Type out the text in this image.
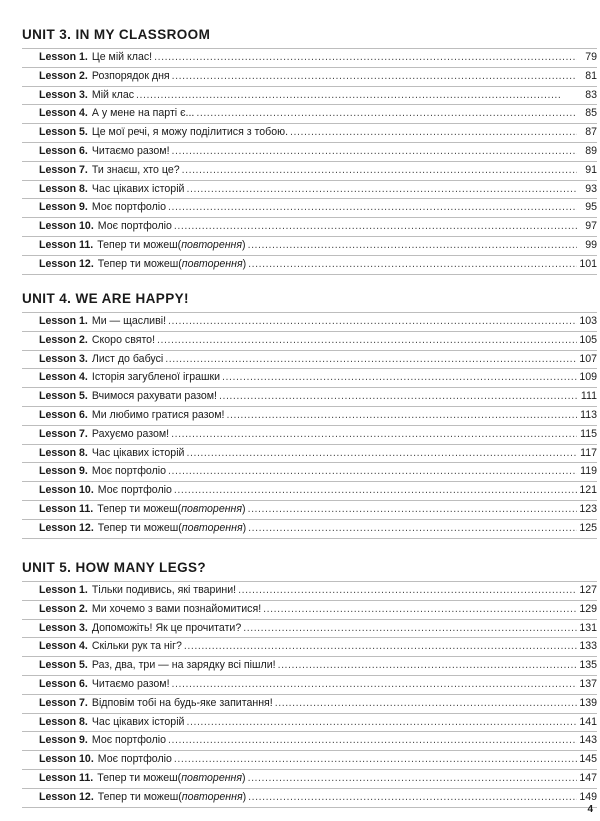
UNIT 3. IN MY CLASSROOM
Lesson 1. Це мій клас! . . .	79
Lesson 2. Розпорядок дня . . .	81
Lesson 3. Мій клас . . .	83
Lesson 4. А у мене на парті є... . . .	85
Lesson 5. Це мої речі, я можу поділитися з тобою. . . .	87
Lesson 6. Читаємо разом! . . .	89
Lesson 7. Ти знаєш, хто це? . . .	91
Lesson 8. Час цікавих історій . . .	93
Lesson 9. Моє портфоліо . . .	95
Lesson 10. Моє портфоліо . . .	97
Lesson 11. Тепер ти можеш (повторення) . . .	99
Lesson 12. Тепер ти можеш (повторення) . . .	101
UNIT 4. WE ARE HAPPY!
Lesson 1. Ми — щасливі! . . .	103
Lesson 2. Скоро свято! . . .	105
Lesson 3. Лист до бабусі . . .	107
Lesson 4. Історія загубленої іграшки . . .	109
Lesson 5. Вчимося рахувати разом! . . .	111
Lesson 6. Ми любимо гратися разом! . . .	113
Lesson 7. Рахуємо разом! . . .	115
Lesson 8. Час цікавих історій . . .	117
Lesson 9. Моє портфоліо . . .	119
Lesson 10. Моє портфоліо . . .	121
Lesson 11. Тепер ти можеш (повторення) . . .	123
Lesson 12. Тепер ти можеш (повторення) . . .	125
UNIT 5. HOW MANY LEGS?
Lesson 1. Тільки подивись, які тварини! . . .	127
Lesson 2. Ми хочемо з вами познайомитися! . . .	129
Lesson 3. Допоможіть! Як це прочитати? . . .	131
Lesson 4. Скільки рук та ніг? . . .	133
Lesson 5. Раз, два, три — на зарядку всі пішли! . . .	135
Lesson 6. Читаємо разом! . . .	137
Lesson 7. Відповім тобі на будь-яке запитання! . . .	139
Lesson 8. Час цікавих історій . . .	141
Lesson 9. Моє портфоліо . . .	143
Lesson 10. Моє портфоліо . . .	145
Lesson 11. Тепер ти можеш (повторення) . . .	147
Lesson 12. Тепер ти можеш (повторення) . . .	149
4
